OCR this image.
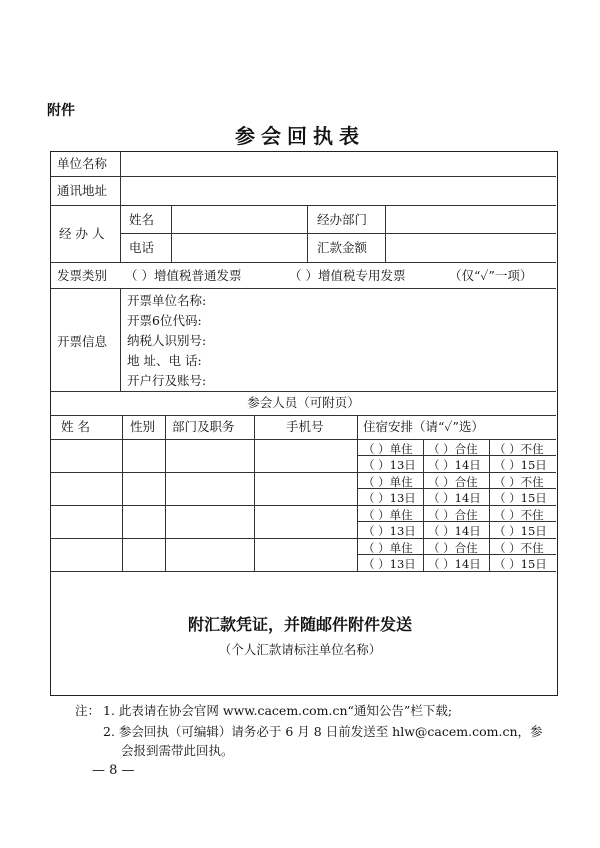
附件
参会回执表
单位名称
通讯地址
经 办 人
姓名	经办部门
电话	汇款金额
发票类别 （ ）增值税普通发票	（ ）增值税专用发票	（仅“✓”一项）
开票信息
开票单位名称:
开票6位代码:
纳税人识别号:
地 址、电 话:
开户行及账号:
参会人员（可附页）
姓 名	性别 部门及职务	手机号	住宿安排（请“✓”选）
（ ）单住 （ ）合住 （ ）不住
（ ）13日 （ ）14日 （ ）15日
（ ）单住 （ ）合住 （ ）不住
（ ）13日 （ ）14日 （ ）15日
（ ）单住 （ ）合住 （ ）不住
（ ）13日 （ ）14日 （ ）15日
（ ）单住 （ ）合住 （ ）不住
（ ）13日 （ ）14日 （ ）15日
附汇款凭证，并随邮件附件发送
（个人汇款请标注单位名称）
注： 1. 此表请在协会官网 www.cacem.com.cn“通知公告”栏下载;
2. 参会回执（可编辑）请务必于 6 月 8 日前发送至 hlw@cacem.com.cn，参
会报到需带此回执。
— 8 —
